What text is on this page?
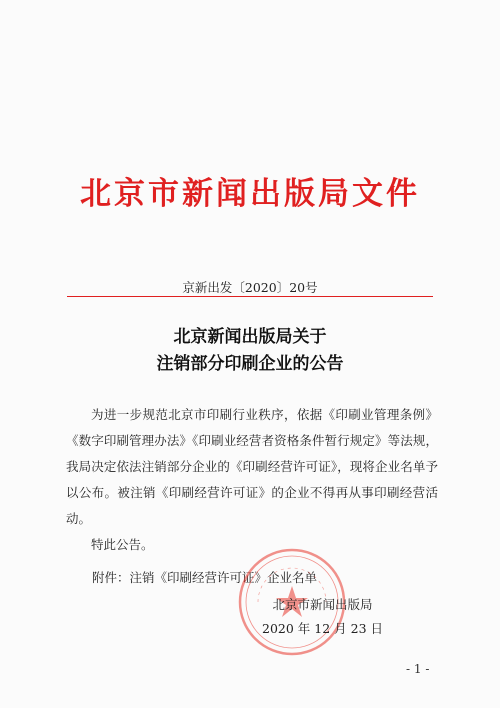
北京市新闻出版局文件
京新出发〔2020〕20号
北京新闻出版局关于
注销部分印刷企业的公告

为进一步规范北京市印刷行业秩序，依据《印刷业管理条例》《数字印刷管理办法》《印刷业经营者资格条件暂行规定》等法规，我局决定依法注销部分企业的《印刷经营许可证》，现将企业名单予以公布。被注销《印刷经营许可证》的企业不得再从事印刷经营活动。

特此公告。

附件：注销《印刷经营许可证》企业名单
北京市新闻出版局
2020 年 12 月 23 日
- 1 -
